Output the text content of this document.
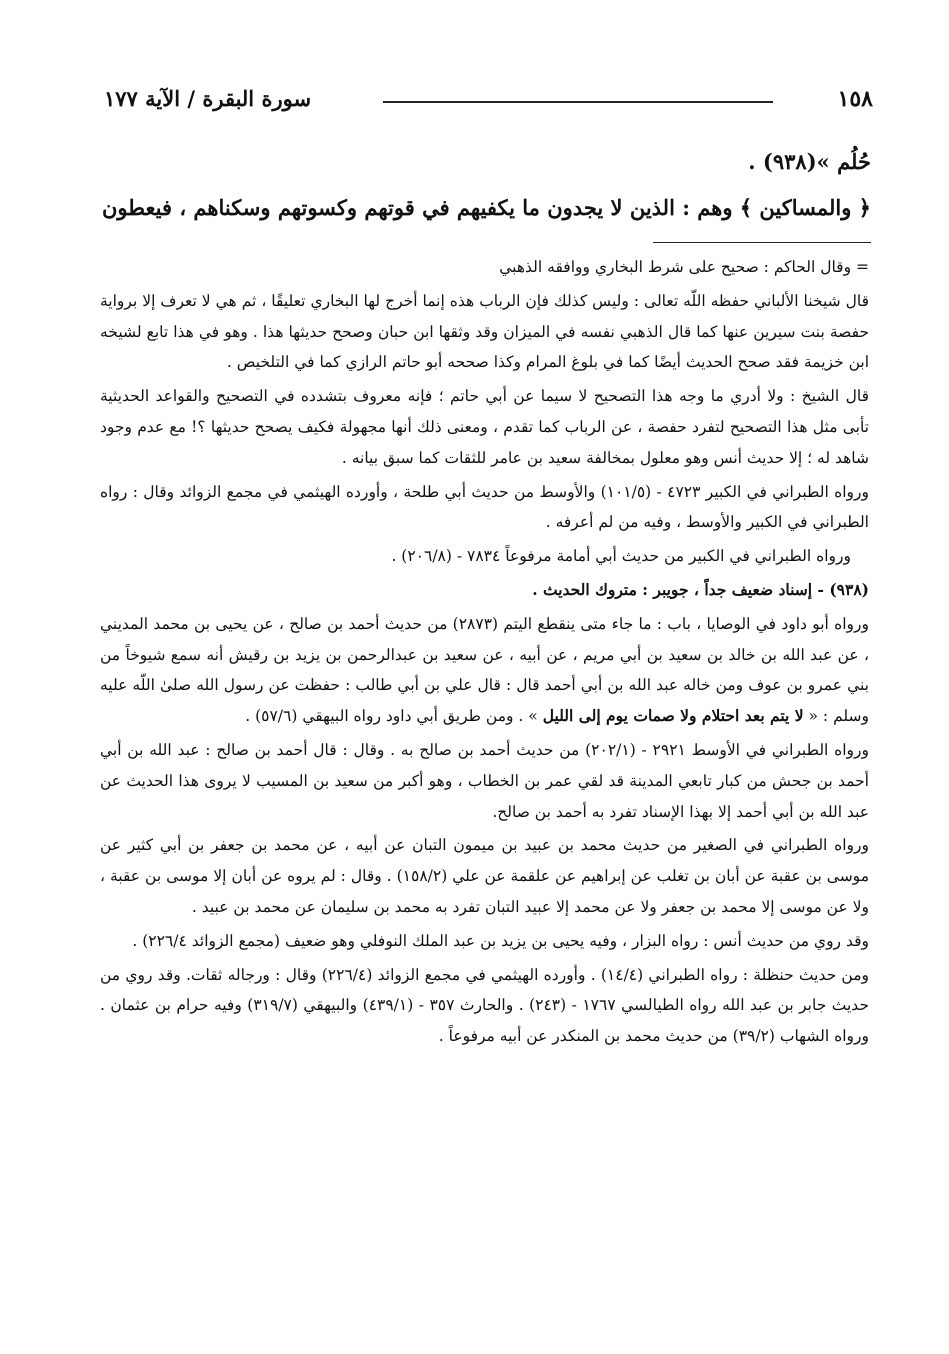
١٥٨
سورة البقرة / الآية ١٧٧
حُلُم »(٩٣٨) .
﴿ والمساكين ﴾ وهم : الذين لا يجدون ما يكفيهم في قوتهم وكسوتهم وسكناهم ، فيعطون

= وقال الحاكم : صحيح على شرط البخاري ووافقه الذهبي

قال شيخنا الألباني حفظه اللّه تعالى : وليس كذلك فإن الرباب هذه إنما أخرج لها البخاري تعليقًا ، ثم هي لا تعرف إلا برواية حفصة بنت سيرين عنها كما قال الذهبي نفسه في الميزان وقد وثقها ابن حبان وصحح حديثها هذا . وهو في هذا تابع لشيخه ابن خزيمة فقد صحح الحديث أيضًا كما في بلوغ المرام وكذا صححه أبو حاتم الرازي كما في التلخيص .

قال الشيخ : ولا أدري ما وجه هذا التصحيح لا سيما عن أبي حاتم ؛ فإنه معروف بتشدده في التصحيح والقواعد الحديثية تأبى مثل هذا التصحيح لتفرد حفصة ، عن الرباب كما تقدم ، ومعنى ذلك أنها مجهولة فكيف يصحح حديثها ؟! مع عدم وجود شاهد له ؛ إلا حديث أنس وهو معلول بمخالفة سعيد بن عامر للثقات كما سبق بيانه .

ورواه الطبراني في الكبير ٤٧٢٣ - (١٠١/٥) والأوسط من حديث أبي طلحة ، وأورده الهيثمي في مجمع الزوائد وقال : رواه الطبراني في الكبير والأوسط ، وفيه من لم أعرفه .

ورواه الطبراني في الكبير من حديث أبي أمامة مرفوعاً ٧٨٣٤ - (٢٠٦/٨) .

(٩٣٨) - إسناد ضعيف جداً ، جويبر : متروك الحديث .

ورواه أبو داود في الوصايا ، باب : ما جاء متى ينقطع اليتم (٢٨٧٣) من حديث أحمد بن صالح ، عن يحيى بن محمد المديني ، عن عبد الله بن خالد بن سعيد بن أبي مريم ، عن أبيه ، عن سعيد بن عبدالرحمن بن يزيد بن رقيش أنه سمع شيوخاً من بني عمرو بن عوف ومن خاله عبد الله بن أبي أحمد قال : قال علي بن أبي طالب : حفظت عن رسول الله صلىٰ اللّه عليه وسلم : « لا يتم بعد احتلام ولا صمات يوم إلى الليل » . ومن طريق أبي داود رواه البيهقي (٥٧/٦) .

ورواه الطبراني في الأوسط ٢٩٢١ - (٢٠٢/١) من حديث أحمد بن صالح به . وقال : قال أحمد بن صالح : عبد الله بن أبي أحمد بن جحش من كبار تابعي المدينة قد لقي عمر بن الخطاب ، وهو أكبر من سعيد بن المسيب لا يروى هذا الحديث عن عبد الله بن أبي أحمد إلا بهذا الإسناد تفرد به أحمد بن صالح.

ورواه الطبراني في الصغير من حديث محمد بن عبيد بن ميمون التبان عن أبيه ، عن محمد بن جعفر بن أبي كثير عن موسى بن عقبة عن أبان بن تغلب عن إبراهيم عن علقمة عن علي (١٥٨/٢) . وقال : لم يروه عن أبان إلا موسى بن عقبة ، ولا عن موسى إلا محمد بن جعفر ولا عن محمد إلا عبيد التبان تفرد به محمد بن سليمان عن محمد بن عبيد .

وقد روي من حديث أنس : رواه البزار ، وفيه يحيى بن يزيد بن عبد الملك النوفلي وهو ضعيف (مجمع الزوائد ٢٢٦/٤) .

ومن حديث حنظلة : رواه الطبراني (١٤/٤) . وأورده الهيثمي في مجمع الزوائد (٢٢٦/٤) وقال : ورجاله ثقات. وقد روي من حديث جابر بن عبد الله رواه الطيالسي ١٧٦٧ - (٢٤٣) . والحارث ٣٥٧ - (٤٣٩/١) والبيهقي (٣١٩/٧) وفيه حرام بن عثمان . ورواه الشهاب (٣٩/٢) من حديث محمد بن المنكدر عن أبيه مرفوعاً .
